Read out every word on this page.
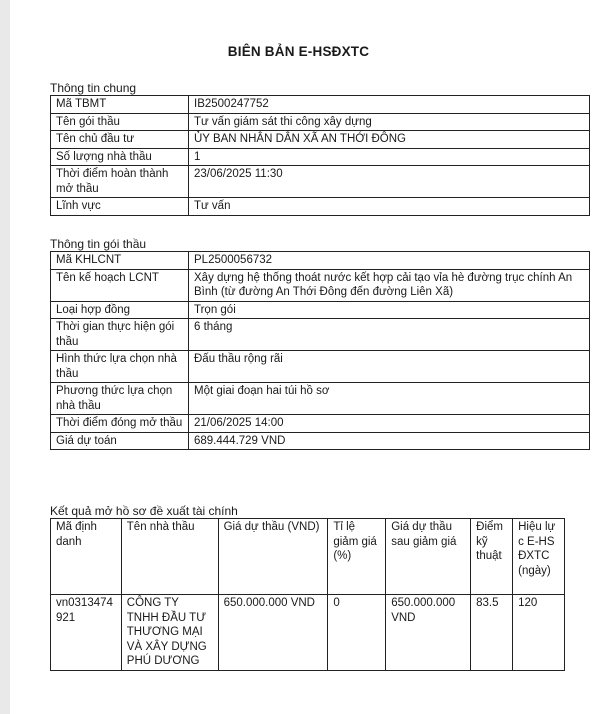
BIÊN BẢN E-HSĐXTC
Thông tin chung
Mã TBMT	IB2500247752
Tên gói thầu	Tư vấn giám sát thi công xây dựng
Tên chủ đầu tư	ỦY BAN NHÂN DÂN XÃ AN THỚI ĐÔNG
Số lượng nhà thầu	1
Thời điểm hoàn thành mở thầu	23/06/2025 11:30
Lĩnh vực	Tư vấn
Thông tin gói thầu
Mã KHLCNT	PL2500056732
Tên kế hoạch LCNT	Xây dựng hệ thống thoát nước kết hợp cải tạo vỉa hè đường trục chính An Bình (từ đường An Thới Đông đến đường Liên Xã)
Loại hợp đồng	Trọn gói
Thời gian thực hiện gói thầu	6 tháng
Hình thức lựa chọn nhà thầu	Đấu thầu rộng rãi
Phương thức lựa chọn nhà thầu	Một giai đoạn hai túi hồ sơ
Thời điểm đóng mở thầu	21/06/2025 14:00
Giá dự toán	689.444.729 VND
Kết quả mở hồ sơ đề xuất tài chính
Mã định danh	Tên nhà thầu	Giá dự thầu (VND)	Tỉ lệ giảm giá (%)	Giá dự thầu sau giảm giá	Điểm kỹ thuật	Hiệu lực E-HSĐXTC (ngày)
vn0313474921	CÔNG TY TNHH ĐẦU TƯ THƯƠNG MẠI VÀ XÂY DỰNG PHÚ DƯƠNG	650.000.000 VND	0	650.000.000 VND	83.5	120
